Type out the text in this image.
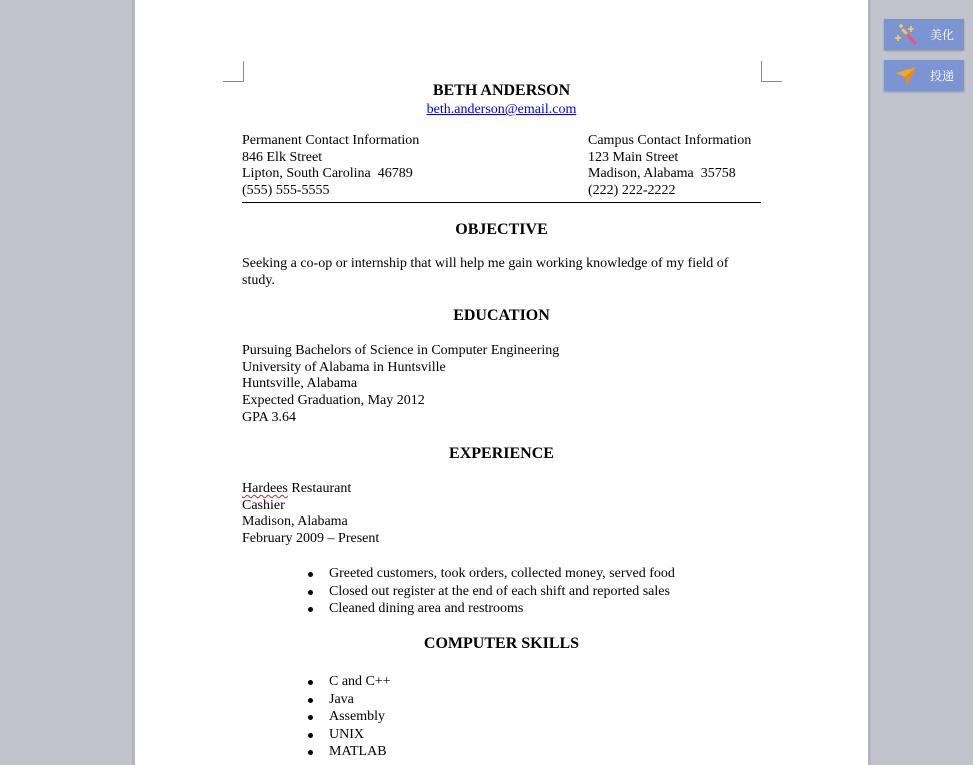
BETH ANDERSON
beth.anderson@email.com
Permanent Contact Information
846 Elk Street
Lipton, South Carolina  46789
(555) 555-5555
Campus Contact Information
123 Main Street
Madison, Alabama  35758
(222) 222-2222
OBJECTIVE
Seeking a co-op or internship that will help me gain working knowledge of my field of study.
EDUCATION
Pursuing Bachelors of Science in Computer Engineering
University of Alabama in Huntsville
Huntsville, Alabama
Expected Graduation, May 2012
GPA 3.64
EXPERIENCE
Hardees Restaurant
Cashier
Madison, Alabama
February 2009 – Present
Greeted customers, took orders, collected money, served food
Closed out register at the end of each shift and reported sales
Cleaned dining area and restrooms
COMPUTER SKILLS
C and C++
Java
Assembly
UNIX
MATLAB
美化
投递
